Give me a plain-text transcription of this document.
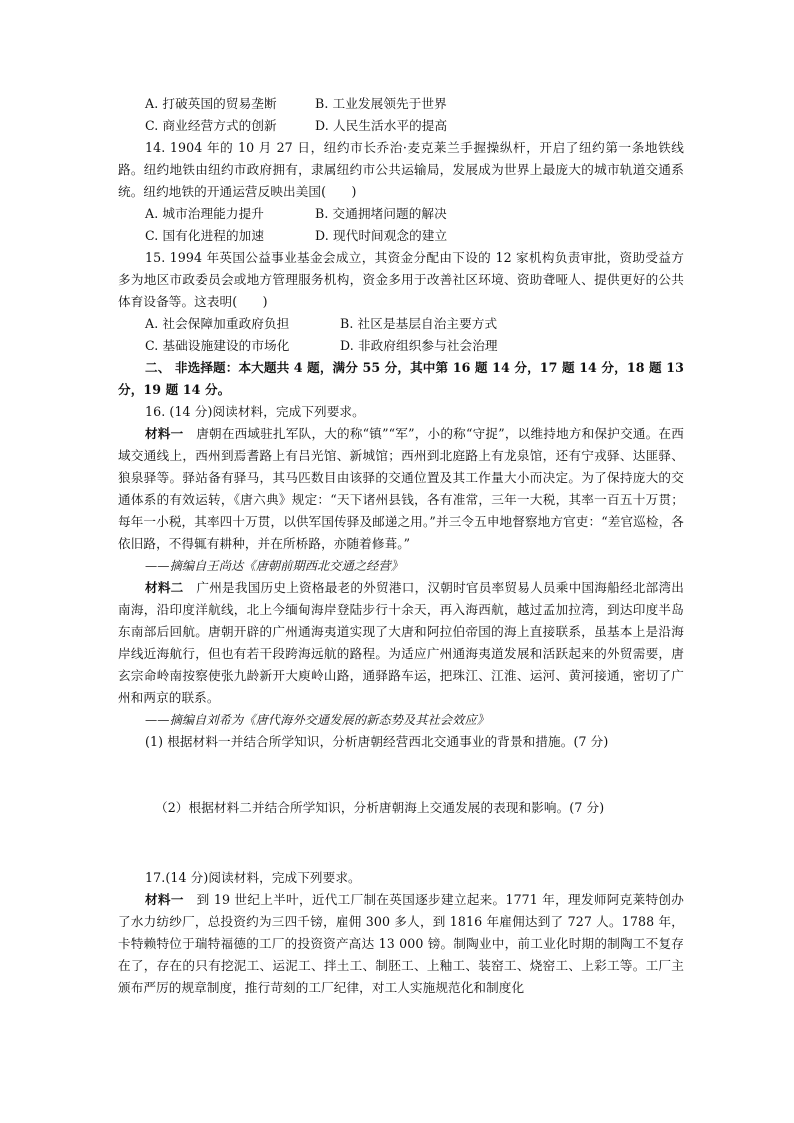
A. 打破英国的贸易垄断	B. 工业发展领先于世界
C. 商业经营方式的创新	D. 人民生活水平的提高
14. 1904 年的 10 月 27 日，纽约市长乔治·麦克莱兰手握操纵杆，开启了纽约第一条地铁线路。纽约地铁由纽约市政府拥有，隶属纽约市公共运输局，发展成为世界上最庞大的城市轨道交通系统。纽约地铁的开通运营反映出美国(　　)
A. 城市治理能力提升	B. 交通拥堵问题的解决
C. 国有化进程的加速	D. 现代时间观念的建立
15. 1994 年英国公益事业基金会成立，其资金分配由下设的 12 家机构负责审批，资助受益方多为地区市政委员会或地方管理服务机构，资金多用于改善社区环境、资助聋哑人、提供更好的公共体育设备等。这表明(　　)
A. 社会保障加重政府负担	B. 社区是基层自治主要方式
C. 基础设施建设的市场化	D. 非政府组织参与社会治理
二、 非选择题：本大题共 4 题，满分 55 分，其中第 16 题 14 分，17 题 14 分，18 题 13 分，19 题 14 分。
16. (14 分)阅读材料，完成下列要求。
材料一　唐朝在西域驻扎军队，大的称“镇”“军”，小的称“守捉”，以维持地方和保护交通。在西域交通线上，西州到焉耆路上有吕光馆、新城馆；西州到北庭路上有龙泉馆，还有宁戎驿、达匪驿、狼泉驿等。驿站备有驿马，其马匹数目由该驿的交通位置及其工作量大小而决定。为了保持庞大的交通体系的有效运转，《唐六典》规定：“天下诸州县钱，各有准常，三年一大税，其率一百五十万贯；每年一小税，其率四十万贯，以供军国传驿及邮递之用。”并三令五申地督察地方官吏：“差官巡检，各依旧路，不得辄有耕种，并在所桥路，亦随着修葺。”
——摘编自王尚达《唐朝前期西北交通之经营》
材料二　广州是我国历史上资格最老的外贸港口，汉朝时官员率贸易人员乘中国海船经北部湾出南海，沿印度洋航线，北上今缅甸海岸登陆步行十余天，再入海西航，越过孟加拉湾，到达印度半岛东南部后回航。唐朝开辟的广州通海夷道实现了大唐和阿拉伯帝国的海上直接联系，虽基本上是沿海岸线近海航行，但也有若干段跨海远航的路程。为适应广州通海夷道发展和活跃起来的外贸需要，唐玄宗命岭南按察使张九龄新开大庾岭山路，通驿路车运，把珠江、江淮、运河、黄河接通，密切了广州和两京的联系。
——摘编自刘希为《唐代海外交通发展的新态势及其社会效应》
(1) 根据材料一并结合所学知识，分析唐朝经营西北交通事业的背景和措施。(7 分)
（2）根据材料二并结合所学知识，分析唐朝海上交通发展的表现和影响。(7 分)
17.(14 分)阅读材料，完成下列要求。
材料一　到 19 世纪上半叶，近代工厂制在英国逐步建立起来。1771 年，理发师阿克莱特创办了水力纺纱厂，总投资约为三四千镑，雇佣 300 多人，到 1816 年雇佣达到了 727 人。1788 年，卡特赖特位于瑞特福德的工厂的投资资产高达 13 000 镑。制陶业中，前工业化时期的制陶工不复存在了，存在的只有挖泥工、运泥工、拌土工、制胚工、上釉工、装窑工、烧窑工、上彩工等。工厂主颁布严厉的规章制度，推行苛刻的工厂纪律，对工人实施规范化和制度化
